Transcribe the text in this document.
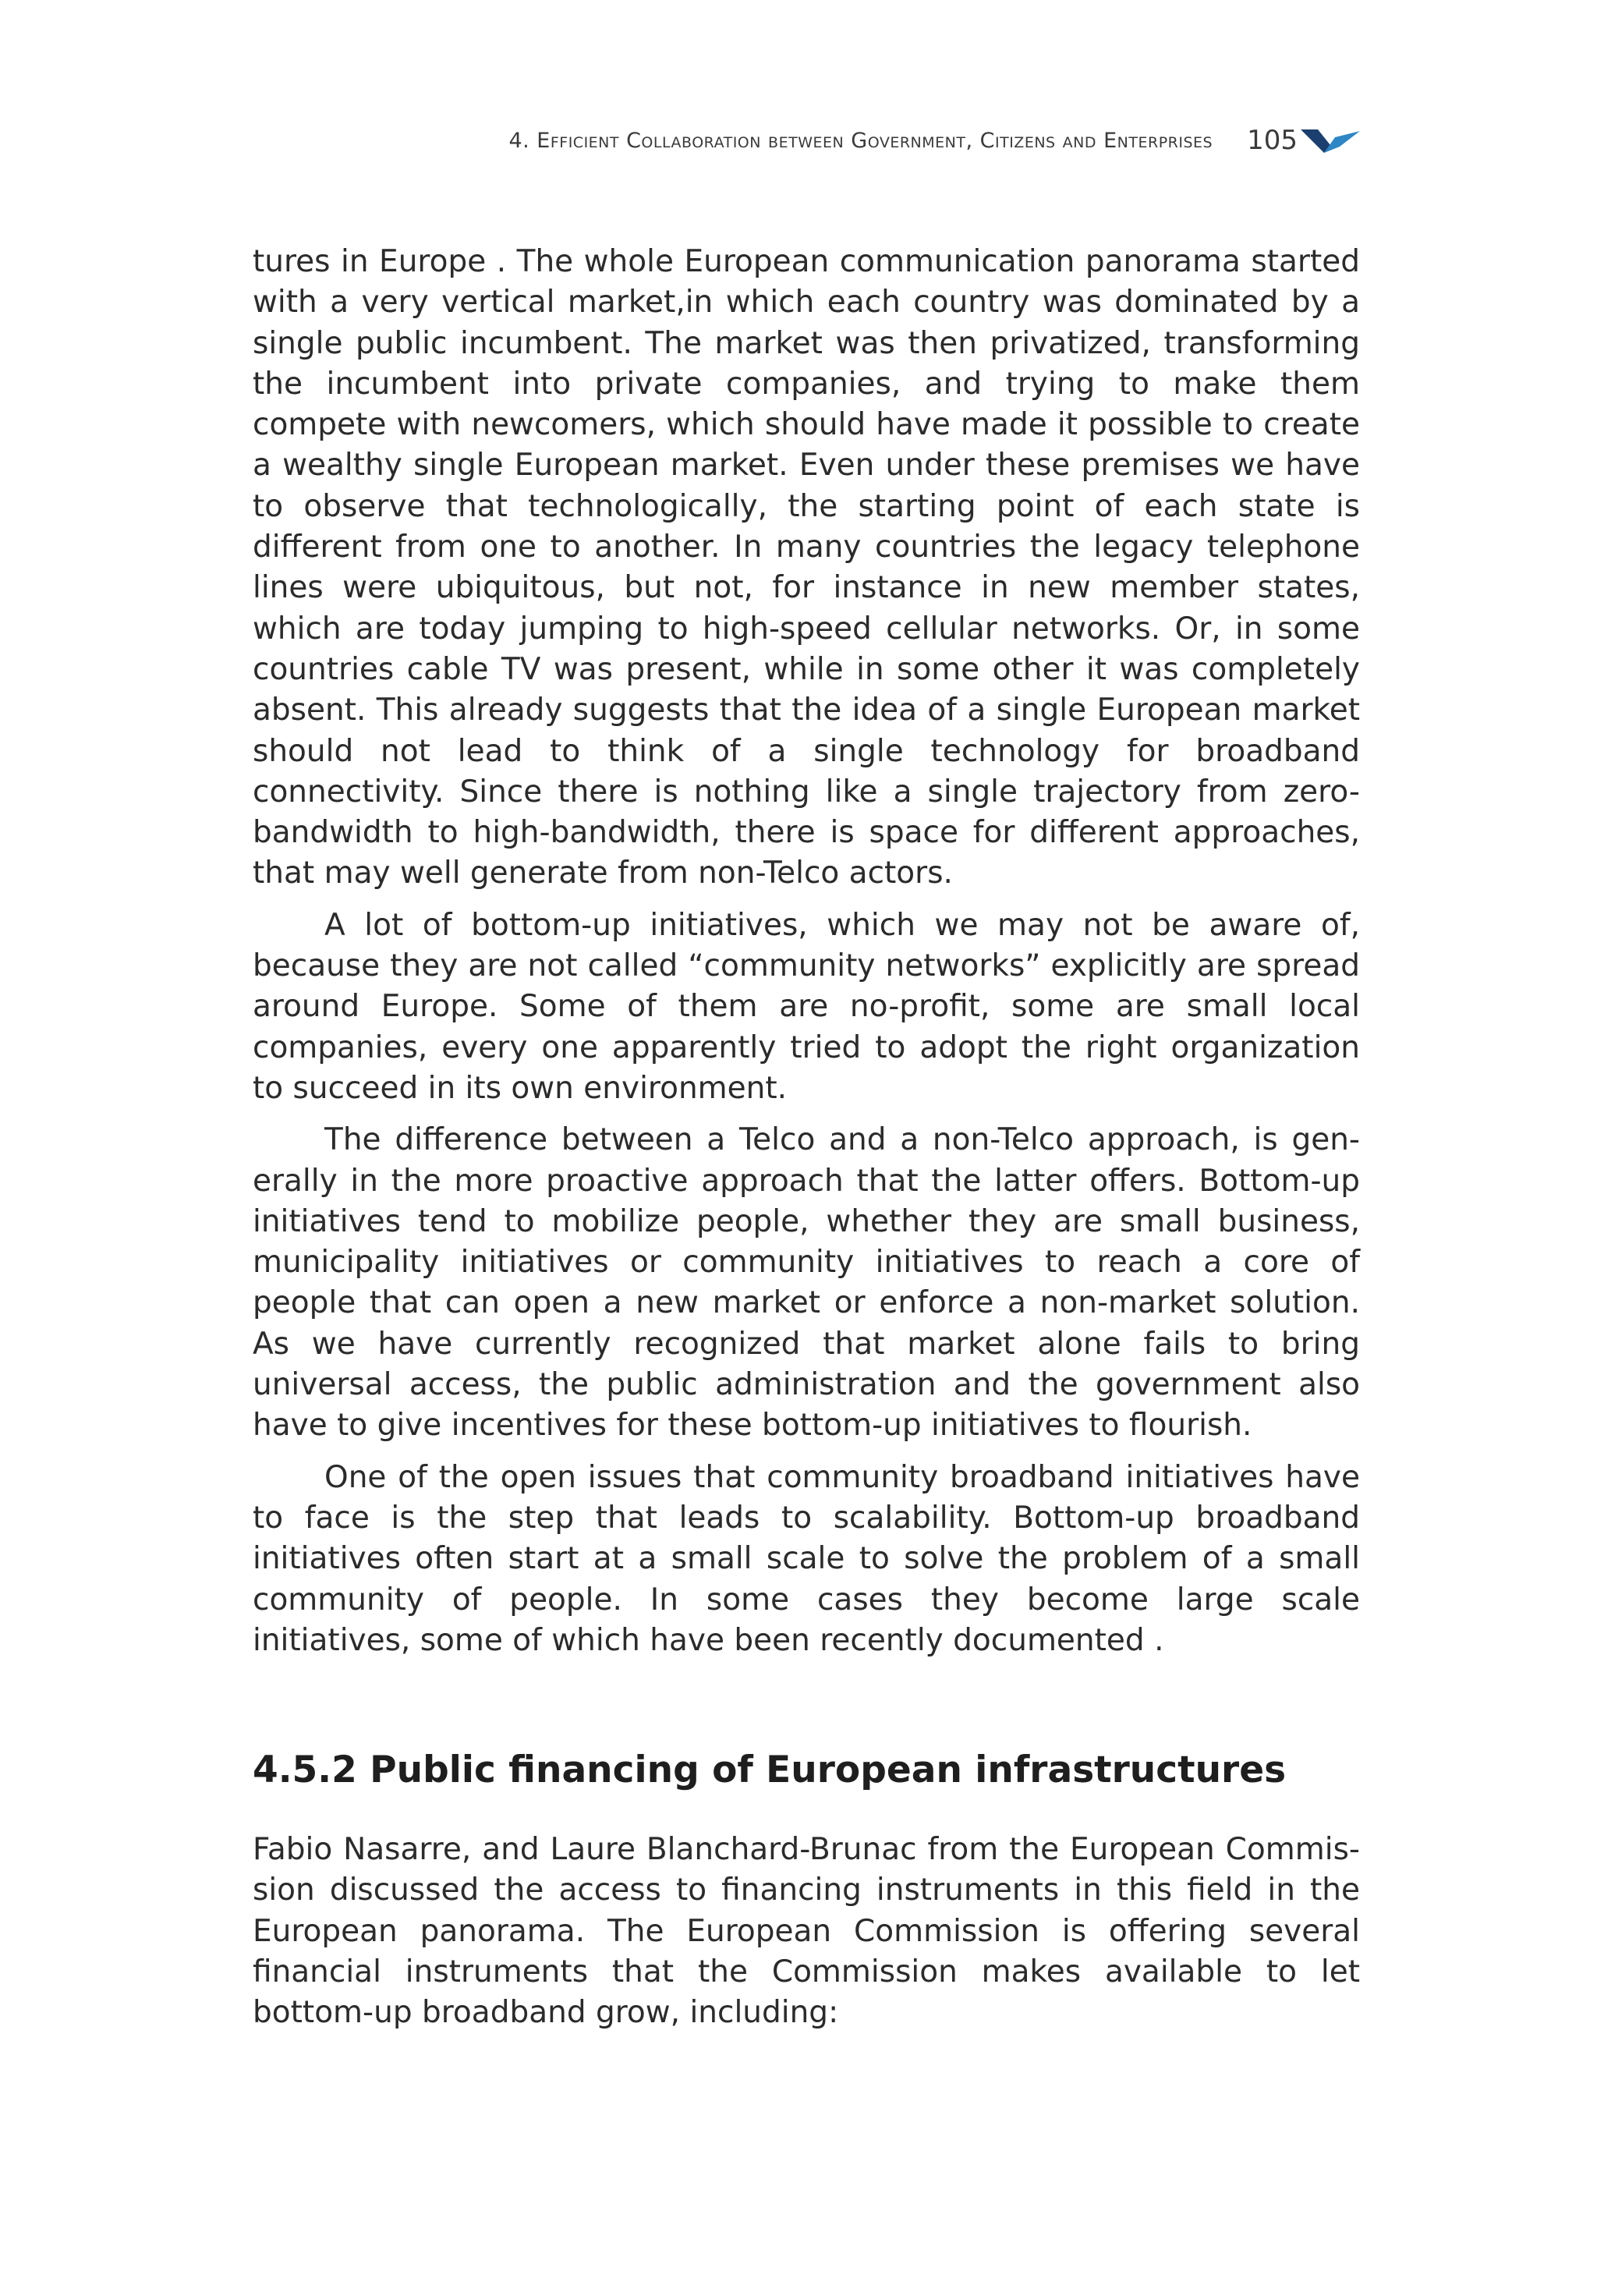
4. Efficient Collaboration between Government, Citizens and Enterprises 105

tures in Europe . The whole European communication panorama started with a very vertical market,in which each country was dominated by a single public incumbent. The market was then privatized, transforming the incumbent into private companies, and trying to make them compete with newcomers, which should have made it possible to create a wealthy single European market. Even under these premises we have to observe that technologically, the starting point of each state is different from one to another. In many countries the legacy telephone lines were ubiquitous, but not, for instance in new member states, which are today jumping to high-speed cellular networks. Or, in some countries cable TV was present, while in some other it was completely absent. This already suggests that the idea of a single European market should not lead to think of a single technology for broadband connectivity. Since there is nothing like a single trajectory from zero-bandwidth to high-bandwidth, there is space for different approaches, that may well generate from non-Telco actors.

A lot of bottom-up initiatives, which we may not be aware of, because they are not called “community networks” explicitly are spread around Europe. Some of them are no-profit, some are small local companies, every one apparently tried to adopt the right organization to succeed in its own environment.

The difference between a Telco and a non-Telco approach, is generally in the more proactive approach that the latter offers. Bottom-up initiatives tend to mobilize people, whether they are small business, municipality initiatives or community initiatives to reach a core of people that can open a new market or enforce a non-market solution. As we have currently recognized that market alone fails to bring universal access, the public administration and the government also have to give incentives for these bottom-up initiatives to flourish.

One of the open issues that community broadband initiatives have to face is the step that leads to scalability. Bottom-up broadband initiatives often start at a small scale to solve the problem of a small community of people. In some cases they become large scale initiatives, some of which have been recently documented .

4.5.2 Public financing of European infrastructures

Fabio Nasarre, and Laure Blanchard-Brunac from the European Commission discussed the access to financing instruments in this field in the European panorama. The European Commission is offering several financial instruments that the Commission makes available to let bottom-up broadband grow, including:
